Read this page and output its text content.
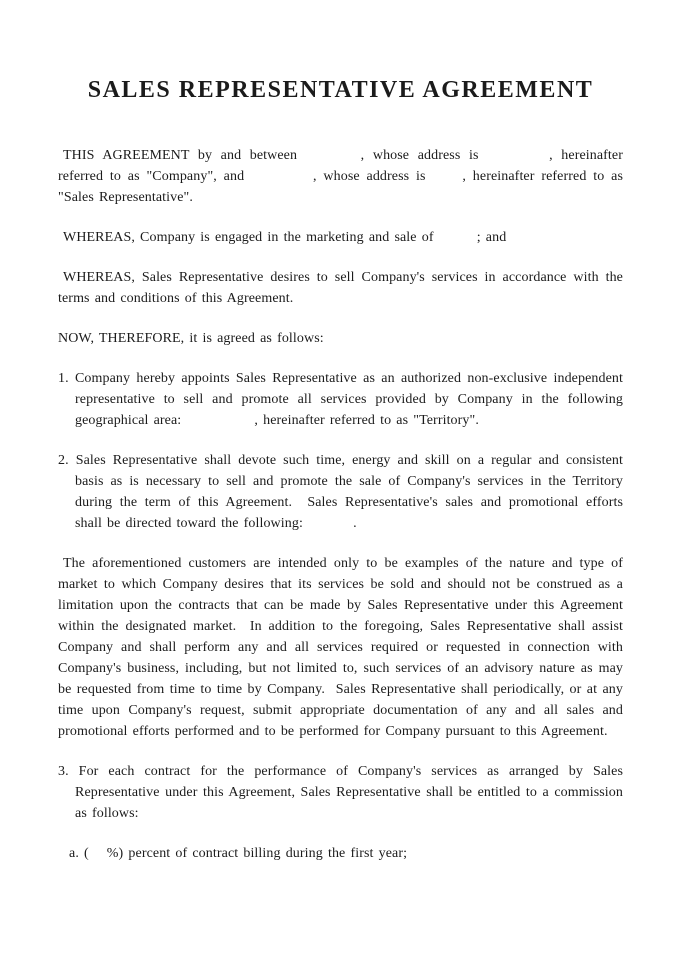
SALES REPRESENTATIVE AGREEMENT

THIS AGREEMENT by and between	, whose address is	, hereinafter referred to as "Company", and	, whose address is , hereinafter referred to as "Sales Representative".

WHEREAS, Company is engaged in the marketing and sale of	; and

WHEREAS, Sales Representative desires to sell Company's services in accordance with the terms and conditions of this Agreement.

NOW, THEREFORE, it is agreed as follows:

1. Company hereby appoints Sales Representative as an authorized non-exclusive independent representative to sell and promote all services provided by Company in the following geographical area:	, hereinafter referred to as "Territory".

2. Sales Representative shall devote such time, energy and skill on a regular and consistent basis as is necessary to sell and promote the sale of Company's services in the Territory during the term of this Agreement.  Sales Representative's sales and promotional efforts shall be directed toward the following:	.

The aforementioned customers are intended only to be examples of the nature and type of market to which Company desires that its services be sold and should not be construed as a limitation upon the contracts that can be made by Sales Representative under this Agreement within the designated market.  In addition to the foregoing, Sales Representative shall assist Company and shall perform any and all services required or requested in connection with Company's business, including, but not limited to, such services of an advisory nature as may be requested from time to time by Company.  Sales Representative shall periodically, or at any time upon Company's request, submit appropriate documentation of any and all sales and promotional efforts performed and to be performed for Company pursuant to this Agreement.

3. For each contract for the performance of Company's services as arranged by Sales Representative under this Agreement, Sales Representative shall be entitled to a commission as follows:

a. ( %) percent of contract billing during the first year;
